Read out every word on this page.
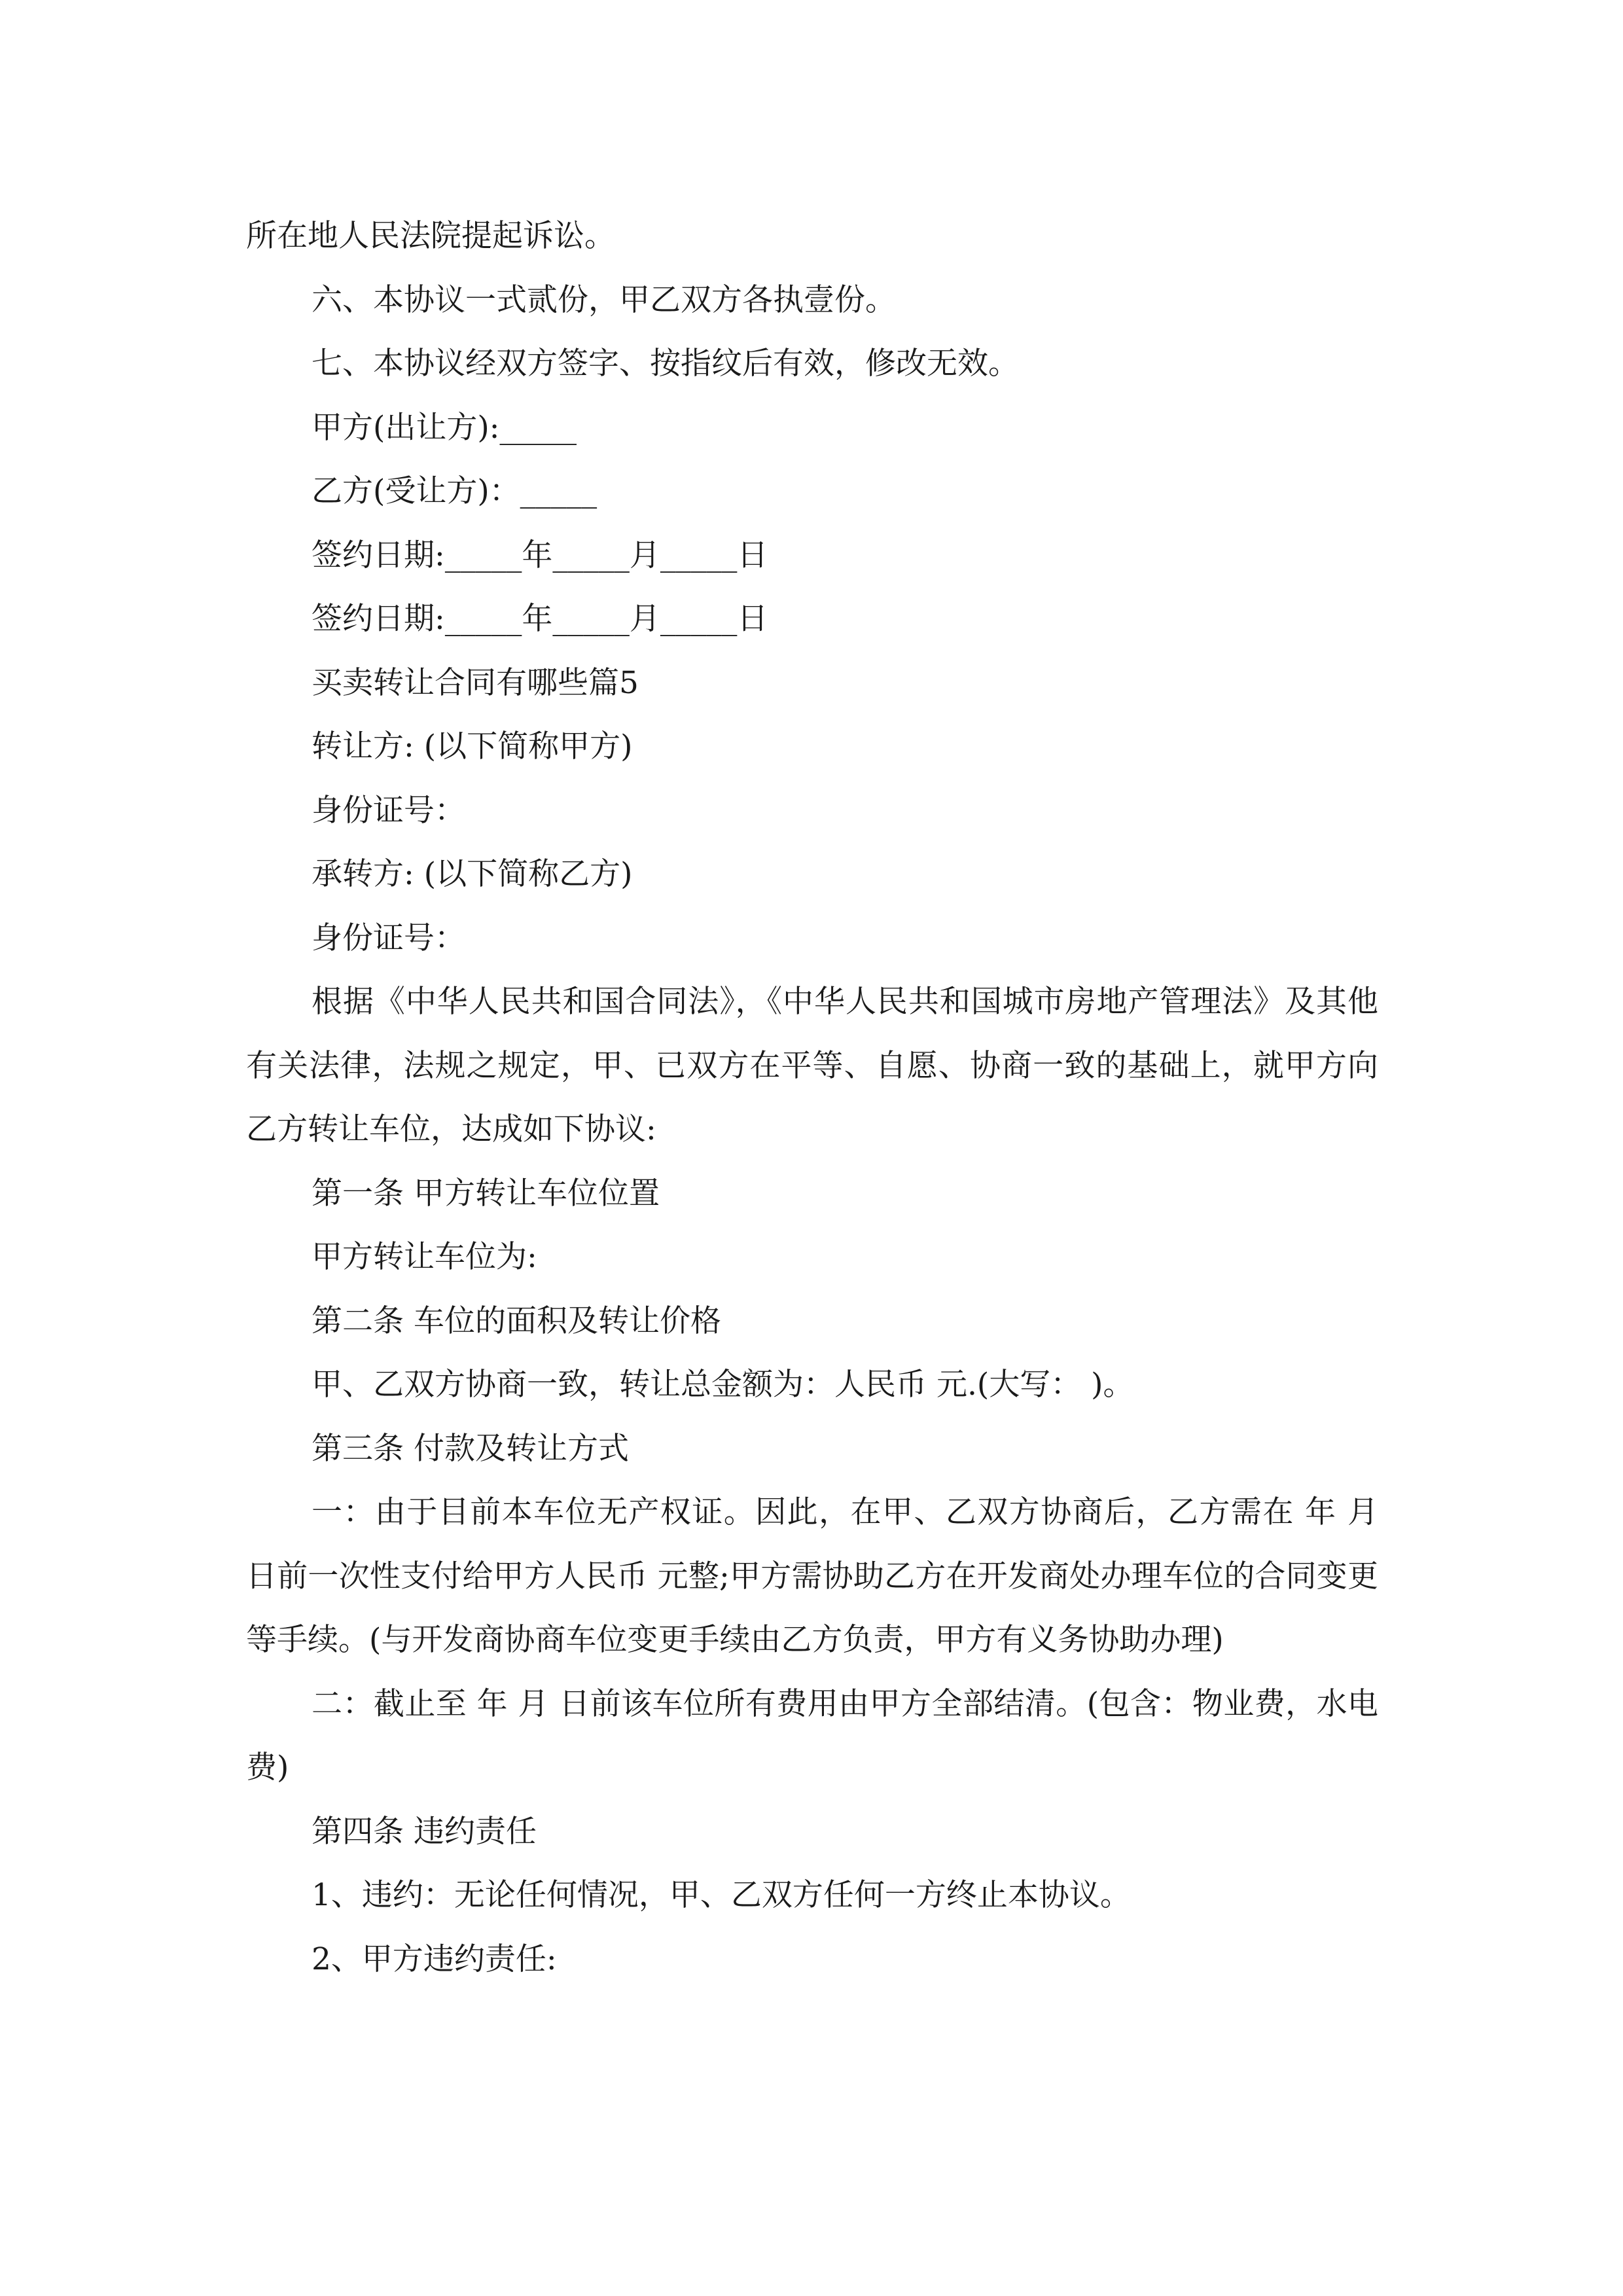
所在地人民法院提起诉讼。
六、本协议一式贰份，甲乙双方各执壹份。
七、本协议经双方签字、按指纹后有效，修改无效。
甲方(出让方):_____
乙方(受让方)：_____
签约日期:_____年_____月_____日
签约日期:_____年_____月_____日
买卖转让合同有哪些篇5
转让方: (以下简称甲方)
身份证号：
承转方: (以下简称乙方)
身份证号：
根据《中华人民共和国合同法》，《中华人民共和国城市房地产管理法》及其他有关法律，法规之规定，甲、已双方在平等、自愿、协商一致的基础上，就甲方向乙方转让车位，达成如下协议:
第一条 甲方转让车位位置
甲方转让车位为:
第二条 车位的面积及转让价格
甲、乙双方协商一致，转让总金额为：人民币 元.(大写： )。
第三条 付款及转让方式
一：由于目前本车位无产权证。因此，在甲、乙双方协商后，乙方需在 年 月 日前一次性支付给甲方人民币 元整;甲方需协助乙方在开发商处办理车位的合同变更等手续。(与开发商协商车位变更手续由乙方负责，甲方有义务协助办理)
二：截止至 年 月 日前该车位所有费用由甲方全部结清。(包含：物业费，水电费)
第四条 违约责任
1、违约：无论任何情况，甲、乙双方任何一方终止本协议。
2、甲方违约责任:
